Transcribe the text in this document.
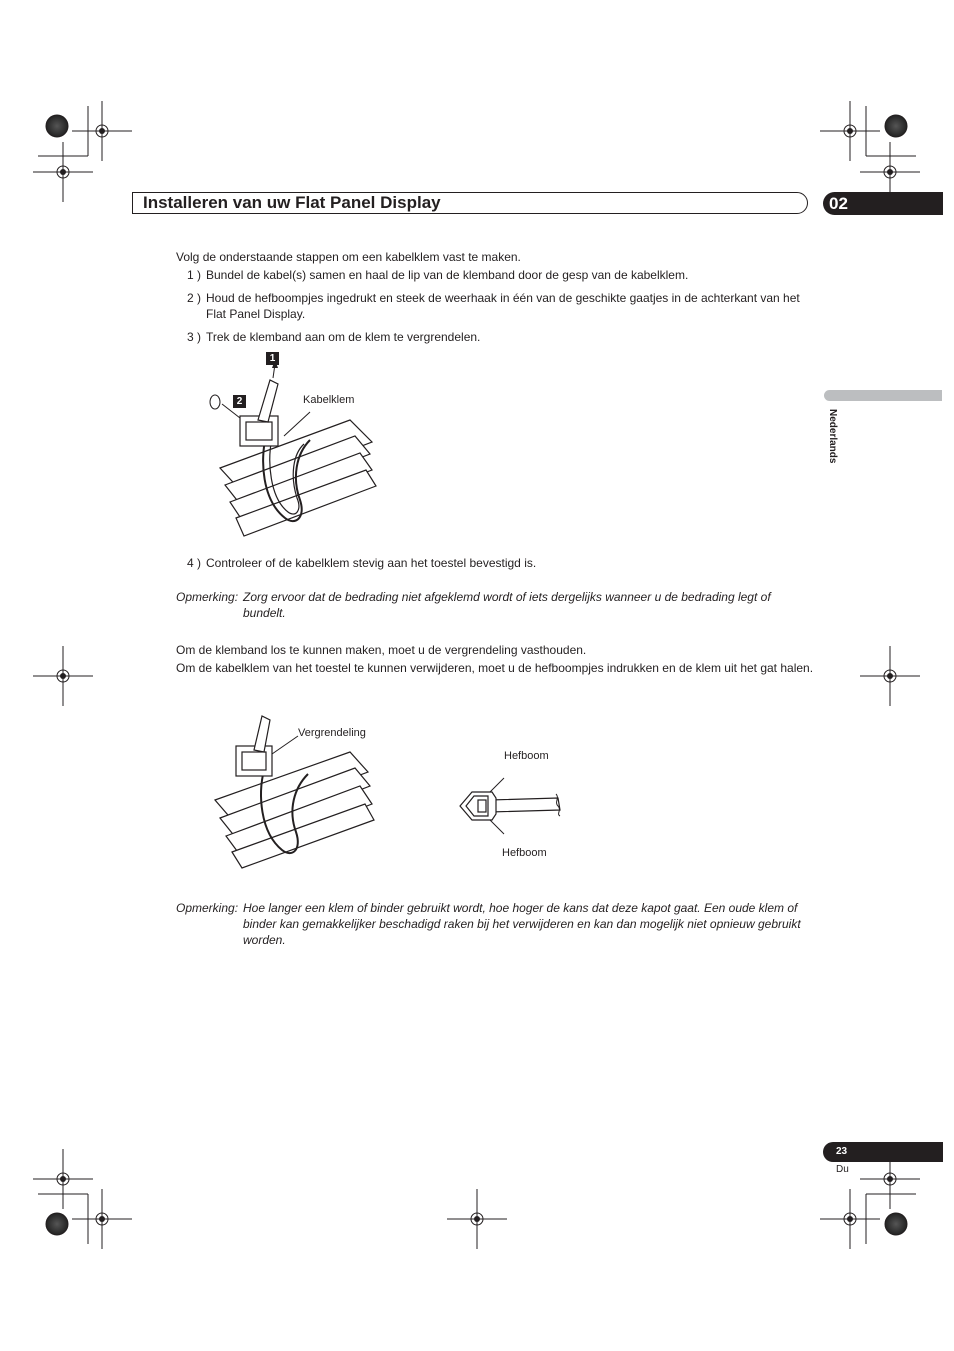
Installeren van uw Flat Panel Display	02
Nederlands
Volg de onderstaande stappen om een kabelklem vast te maken.
1 ) Bundel de kabel(s) samen en haal de lip van de klemband door de gesp van de kabelklem.
2 ) Houd de hefboompjes ingedrukt en steek de weerhaak in één van de geschikte gaatjes in de achterkant van het Flat Panel Display.
3 ) Trek de klemband aan om de klem te vergrendelen.
1
2	Kabelklem
4 ) Controleer of de kabelklem stevig aan het toestel bevestigd is.
Opmerking: Zorg ervoor dat de bedrading niet afgeklemd wordt of iets dergelijks wanneer u de bedrading legt of bundelt.
Om de klemband los te kunnen maken, moet u de vergrendeling vasthouden.
Om de kabelklem van het toestel te kunnen verwijderen, moet u de hefboompjes indrukken en de klem uit het gat halen.
Vergrendeling
Hefboom
Hefboom
Opmerking: Hoe langer een klem of binder gebruikt wordt, hoe hoger de kans dat deze kapot gaat. Een oude klem of binder kan gemakkelijker beschadigd raken bij het verwijderen en kan dan mogelijk niet opnieuw gebruikt worden.
23
Du
